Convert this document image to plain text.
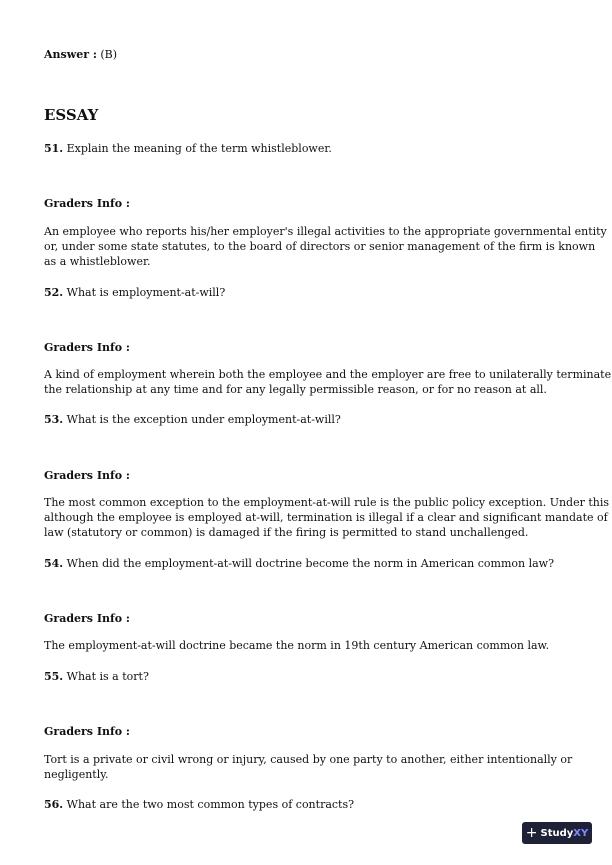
Answer : (B)
ESSAY
51. Explain the meaning of the term whistleblower.
Graders Info :
An employee who reports his/her employer's illegal activities to the appropriate governmental entity
or, under some state statutes, to the board of directors or senior management of the firm is known
as a whistleblower.
52. What is employment-at-will?
Graders Info :
A kind of employment wherein both the employee and the employer are free to unilaterally terminate
the relationship at any time and for any legally permissible reason, or for no reason at all.
53. What is the exception under employment-at-will?
Graders Info :
The most common exception to the employment-at-will rule is the public policy exception. Under this
although the employee is employed at-will, termination is illegal if a clear and significant mandate of
law (statutory or common) is damaged if the firing is permitted to stand unchallenged.
54. When did the employment-at-will doctrine become the norm in American common law?
Graders Info :
The employment-at-will doctrine became the norm in 19th century American common law.
55. What is a tort?
Graders Info :
Tort is a private or civil wrong or injury, caused by one party to another, either intentionally or
negligently.
56. What are the two most common types of contracts?
+ Study XY
